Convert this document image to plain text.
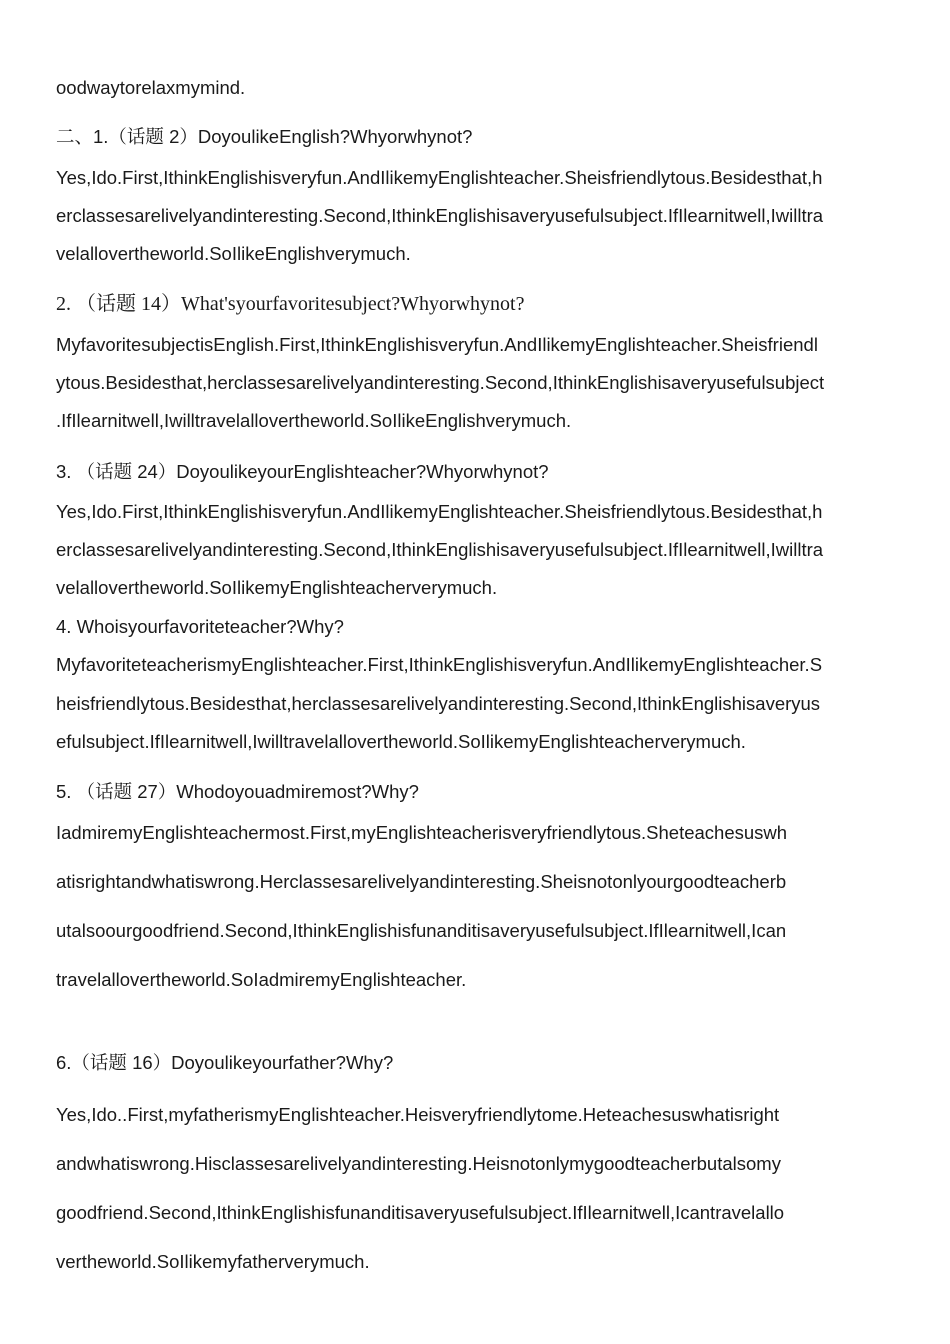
oodwaytorelaxmymind.
二、1.（话题 2）DoyoulikeEnglish?Whyorwhynot?
Yes,Ido.First,IthinkEnglishisveryfun.AndIlikemyEnglishteacher.Sheisfriendlytous.Besidesthat,h
erclassesarelivelyandinteresting.Second,IthinkEnglishisaveryusefulsubject.IfIlearnitwell,Iwilltra
velallovertheworld.SoIlikeEnglishverymuch.
2. （话题 14）What'syourfavoritesubject?Whyorwhynot?
MyfavoritesubjectisEnglish.First,IthinkEnglishisveryfun.AndIlikemyEnglishteacher.Sheisfriendl
ytous.Besidesthat,herclassesarelivelyandinteresting.Second,IthinkEnglishisaveryusefulsubject
.IfIlearnitwell,Iwilltravelallovertheworld.SoIlikeEnglishverymuch.
3. （话题 24）DoyoulikeyourEnglishteacher?Whyorwhynot?
Yes,Ido.First,IthinkEnglishisveryfun.AndIlikemyEnglishteacher.Sheisfriendlytous.Besidesthat,h
erclassesarelivelyandinteresting.Second,IthinkEnglishisaveryusefulsubject.IfIlearnitwell,Iwilltra
velallovertheworld.SoIlikemyEnglishteacherverymuch.
4. Whoisyourfavoriteteacher?Why?
MyfavoriteteacherismyEnglishteacher.First,IthinkEnglishisveryfun.AndIlikemyEnglishteacher.S
heisfriendlytous.Besidesthat,herclassesarelivelyandinteresting.Second,IthinkEnglishisaveryus
efulsubject.IfIlearnitwell,Iwilltravelallovertheworld.SoIlikemyEnglishteacherverymuch.
5. （话题 27）Whodoyouadmiremost?Why?
IadmiremyEnglishteachermost.First,myEnglishteacherisveryfriendlytous.Sheteachesuswh
atisrightandwhatiswrong.Herclassesarelivelyandinteresting.Sheisnotonlyourgoodteacherb
utalsoourgoodfriend.Second,IthinkEnglishisfunanditisaveryusefulsubject.IfIlearnitwell,Ican
travelallovertheworld.SoIadmiremyEnglishteacher.
6.（话题 16）Doyoulikeyourfather?Why?
Yes,Ido..First,myfatherismyEnglishteacher.Heisveryfriendlytome.Heteachesuswhatisright
andwhatiswrong.Hisclassesarelivelyandinteresting.Heisnotonlymygoodteacherbutalsomy
goodfriend.Second,IthinkEnglishisfunanditisaveryusefulsubject.IfIlearnitwell,Icantravelallo
vertheworld.SoIlikemyfatherverymuch.
